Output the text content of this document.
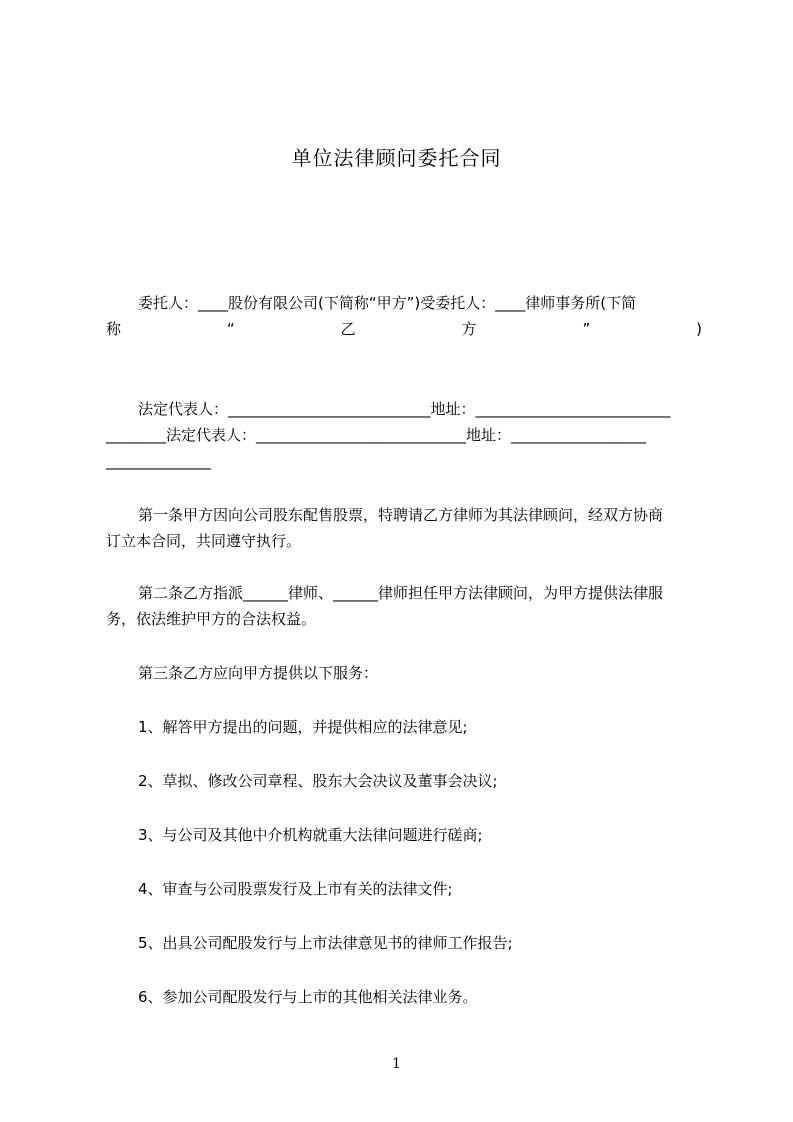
单位法律顾问委托合同
委托人：____股份有限公司(下简称“甲方”)受委托人：____律师事务所(下简
称	“	乙	方	”	)
法定代表人：___________________________地址：__________________________
________法定代表人：____________________________地址：__________________
______________
第一条甲方因向公司股东配售股票，特聘请乙方律师为其法律顾问，经双方协商
订立本合同，共同遵守执行。
第二条乙方指派______律师、______律师担任甲方法律顾问，为甲方提供法律服
务，依法维护甲方的合法权益。
第三条乙方应向甲方提供以下服务：
1、解答甲方提出的问题，并提供相应的法律意见;
2、草拟、修改公司章程、股东大会决议及董事会决议;
3、与公司及其他中介机构就重大法律问题进行磋商;
4、审查与公司股票发行及上市有关的法律文件;
5、出具公司配股发行与上市法律意见书的律师工作报告;
6、参加公司配股发行与上市的其他相关法律业务。
1
